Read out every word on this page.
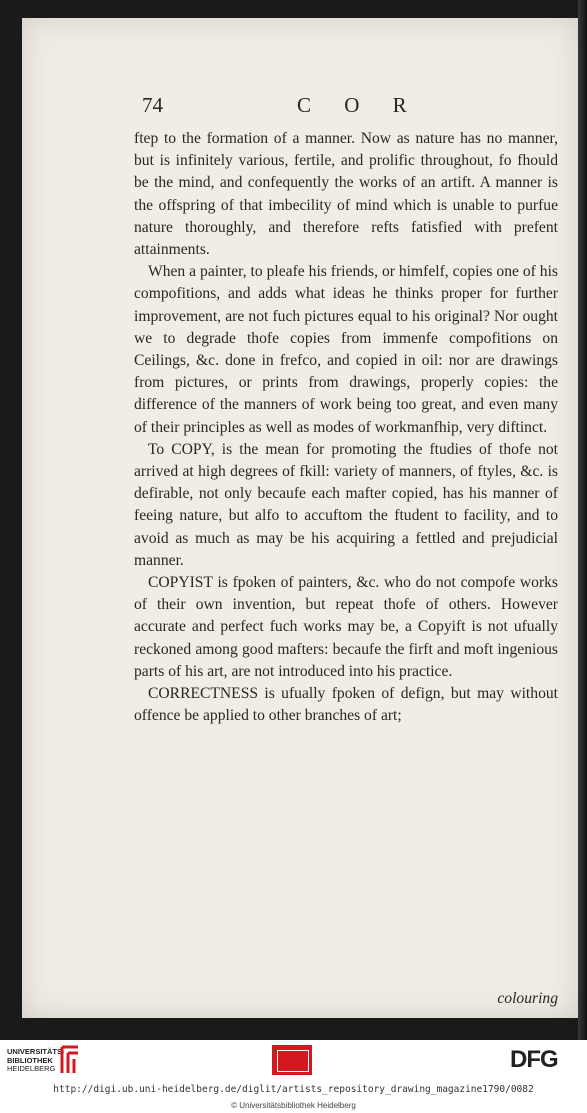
74	C O R

ftep to the formation of a manner. Now as nature has no manner, but is infinitely various, fertile, and prolific throughout, fo fhould be the mind, and confequently the works of an artift. A manner is the offspring of that imbecility of mind which is unable to purfue nature thoroughly, and therefore refts fatisfied with prefent attainments.

When a painter, to pleafe his friends, or himfelf, copies one of his compofitions, and adds what ideas he thinks proper for further improvement, are not fuch pictures equal to his original? Nor ought we to degrade thofe copies from immenfe compofitions on Ceilings, &c. done in frefco, and copied in oil: nor are drawings from pictures, or prints from drawings, properly copies: the difference of the manners of work being too great, and even many of their principles as well as modes of workmanfhip, very diftinct.

To COPY, is the mean for promoting the ftudies of thofe not arrived at high degrees of fkill: variety of manners, of ftyles, &c. is defirable, not only becaufe each mafter copied, has his manner of feeing nature, but alfo to accuftom the ftudent to facility, and to avoid as much as may be his acquiring a fettled and prejudicial manner.

COPYIST is fpoken of painters, &c. who do not compofe works of their own invention, but repeat thofe of others. However accurate and perfect fuch works may be, a Copyift is not ufually reckoned among good mafters: becaufe the firft and moft ingenious parts of his art, are not introduced into his practice.

CORRECTNESS is ufually fpoken of defign, but may without offence be applied to other branches of art;

colouring
UNIVERSITÄTS-
BIBLIOTHEK
HEIDELBERG	DFG
http://digi.ub.uni-heidelberg.de/diglit/artists_repository_drawing_magazine1790/0082
© Universitätsbibliothek Heidelberg
